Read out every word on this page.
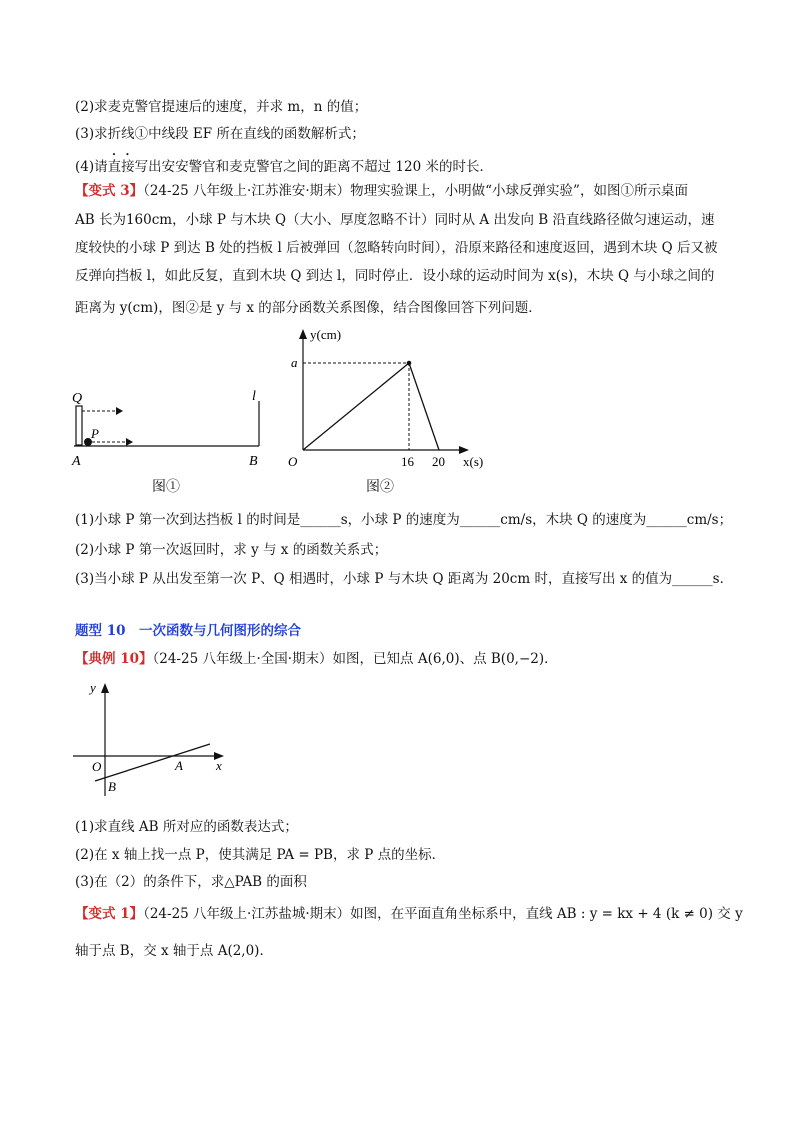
(2)求麦克警官提速后的速度，并求 m，n 的值；
(3)求折线①中线段 EF 所在直线的函数解析式；
(4)请直接写出安安警官和麦克警官之间的距离不超过 120 米的时长．
【变式 3】（24-25 八年级上·江苏淮安·期末）物理实验课上，小明做“小球反弹实验”，如图①所示桌面
AB 长为160cm，小球 P 与木块 Q（大小、厚度忽略不计）同时从 A 出发向 B 沿直线路径做匀速运动，速
度较快的小球 P 到达 B 处的挡板 l 后被弹回（忽略转向时间），沿原来路径和速度返回，遇到木块 Q 后又被
反弹向挡板 l，如此反复，直到木块 Q 到达 l，同时停止．设小球的运动时间为 x(s)，木块 Q 与小球之间的
距离为 y(cm)，图②是 y 与 x 的部分函数关系图像，结合图像回答下列问题．
Q
P
l
A	B
图①
y(cm)
x(s)
O
a
16 20
图②
(1)小球 P 第一次到达挡板 l 的时间是______s，小球 P 的速度为______cm/s，木块 Q 的速度为______cm/s；
(2)小球 P 第一次返回时，求 y 与 x 的函数关系式；
(3)当小球 P 从出发至第一次 P、Q 相遇时，小球 P 与木块 Q 距离为 20cm 时，直接写出 x 的值为______s．
题型 10　一次函数与几何图形的综合
【典例 10】（24-25 八年级上·全国·期末）如图，已知点 A(6,0)、点 B(0,−2)．
y
x
O	A
B
(1)求直线 AB 所对应的函数表达式；
(2)在 x 轴上找一点 P，使其满足 PA = PB，求 P 点的坐标．
(3)在（2）的条件下，求△PAB 的面积
【变式 1】（24-25 八年级上·江苏盐城·期末）如图，在平面直角坐标系中，直线 AB : y = kx + 4 (k ≠ 0) 交 y
轴于点 B，交 x 轴于点 A(2,0)．
